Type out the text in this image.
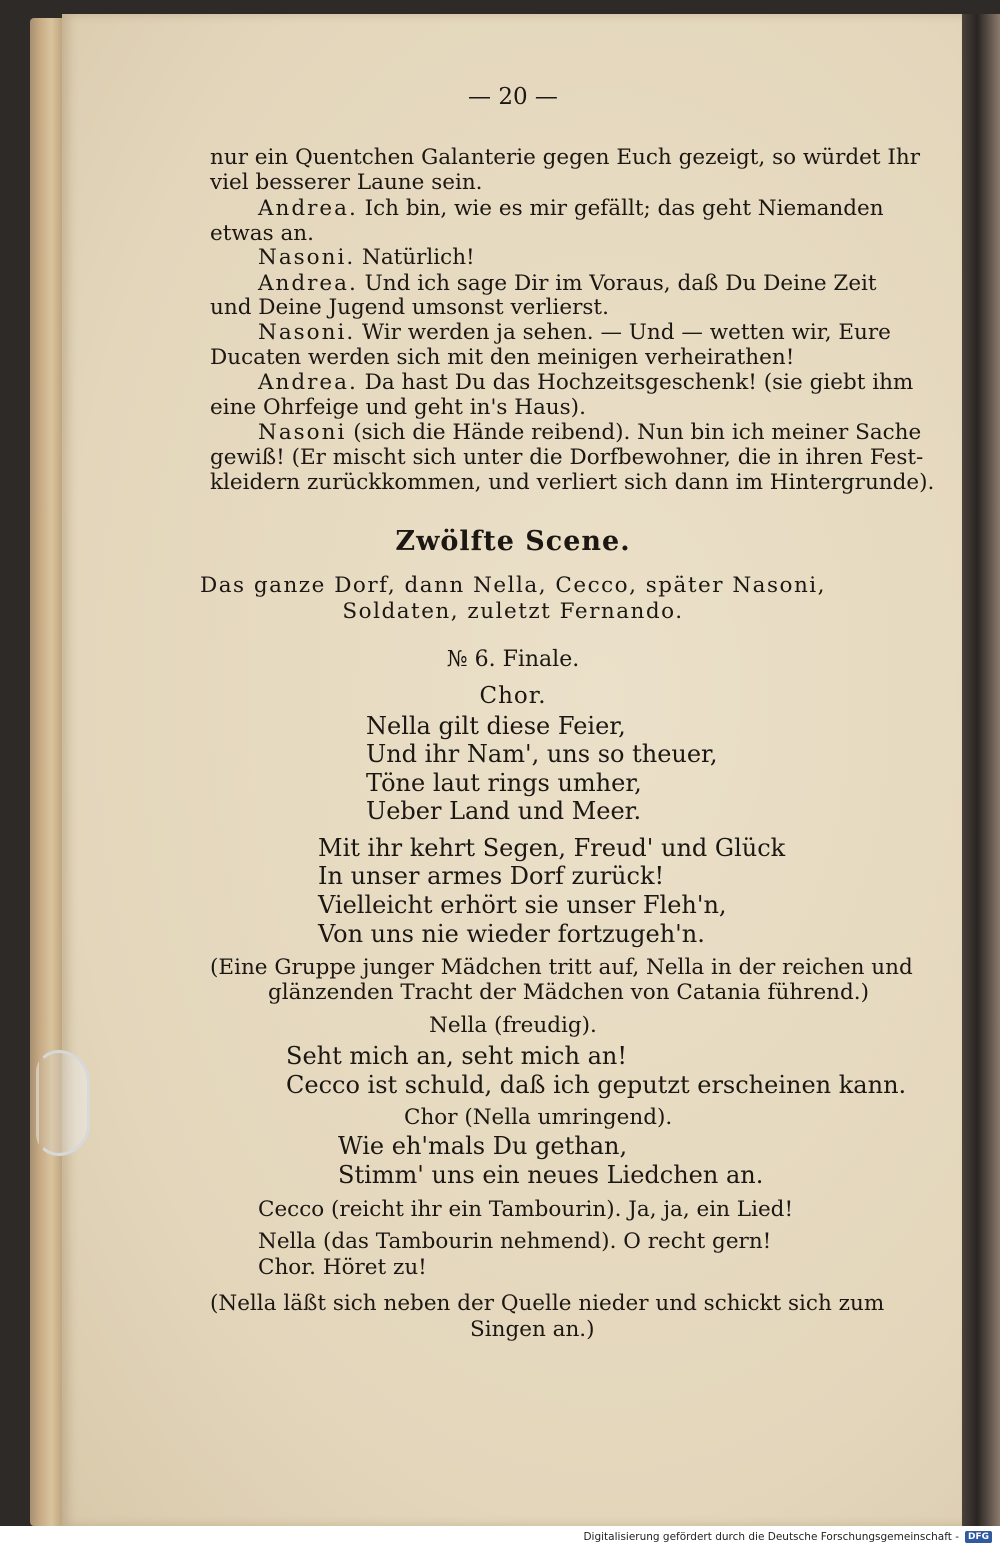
— 20 —
nur ein Quentchen Galanterie gegen Euch gezeigt, so würdet Ihr
viel besserer Laune sein.
Andrea. Ich bin, wie es mir gefällt; das geht Niemanden
etwas an.
Nasoni. Natürlich!
Andrea. Und ich sage Dir im Voraus, daß Du Deine Zeit
und Deine Jugend umsonst verlierst.
Nasoni. Wir werden ja sehen. — Und — wetten wir, Eure
Ducaten werden sich mit den meinigen verheirathen!
Andrea. Da hast Du das Hochzeitsgeschenk! (sie giebt ihm
eine Ohrfeige und geht in's Haus).
Nasoni (sich die Hände reibend). Nun bin ich meiner Sache
gewiß! (Er mischt sich unter die Dorfbewohner, die in ihren Fest-
kleidern zurückkommen, und verliert sich dann im Hintergrunde).
Zwölfte Scene.
Das ganze Dorf, dann Nella, Cecco, später Nasoni,
Soldaten, zuletzt Fernando.
№ 6. Finale.
Chor.
Nella gilt diese Feier,
Und ihr Nam', uns so theuer,
Töne laut rings umher,
Ueber Land und Meer.
Mit ihr kehrt Segen, Freud' und Glück
In unser armes Dorf zurück!
Vielleicht erhört sie unser Fleh'n,
Von uns nie wieder fortzugeh'n.
(Eine Gruppe junger Mädchen tritt auf, Nella in der reichen und
glänzenden Tracht der Mädchen von Catania führend.)
Nella (freudig).
Seht mich an, seht mich an!
Cecco ist schuld, daß ich geputzt erscheinen kann.
Chor (Nella umringend).
Wie eh'mals Du gethan,
Stimm' uns ein neues Liedchen an.
Cecco (reicht ihr ein Tambourin). Ja, ja, ein Lied!
Nella (das Tambourin nehmend). O recht gern!
Chor. Höret zu!
(Nella läßt sich neben der Quelle nieder und schickt sich zum
Singen an.)
Digitalisierung gefördert durch die Deutsche Forschungsgemeinschaft -	DFG
